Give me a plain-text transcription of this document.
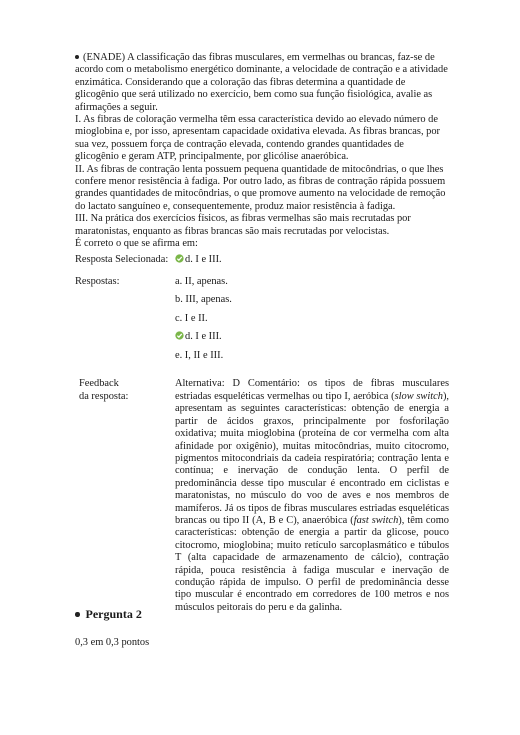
(ENADE) A classificação das fibras musculares, em vermelhas ou brancas, faz-se de acordo com o metabolismo energético dominante, a velocidade de contração e a atividade enzimática. Considerando que a coloração das fibras determina a quantidade de glicogênio que será utilizado no exercício, bem como sua função fisiológica, avalie as afirmações a seguir.

I. As fibras de coloração vermelha têm essa característica devido ao elevado número de mioglobina e, por isso, apresentam capacidade oxidativa elevada. As fibras brancas, por sua vez, possuem força de contração elevada, contendo grandes quantidades de glicogênio e geram ATP, principalmente, por glicólise anaeróbica.

II. As fibras de contração lenta possuem pequena quantidade de mitocôndrias, o que lhes confere menor resistência à fadiga. Por outro lado, as fibras de contração rápida possuem grandes quantidades de mitocôndrias, o que promove aumento na velocidade de remoção do lactato sanguíneo e, consequentemente, produz maior resistência à fadiga.

III. Na prática dos exercícios físicos, as fibras vermelhas são mais recrutadas por maratonistas, enquanto as fibras brancas são mais recrutadas por velocistas.

É correto o que se afirma em:

Resposta Selecionada:	d. I e III.
Respostas:	a. II, apenas.
b. III, apenas.
c. I e II.
d. I e III.
e. I, II e III.
Feedback
da resposta:
Alternativa: D Comentário: os tipos de fibras musculares estriadas esqueléticas vermelhas ou tipo I, aeróbica (slow switch), apresentam as seguintes características: obtenção de energia a partir de ácidos graxos, principalmente por fosforilação oxidativa; muita mioglobina (proteína de cor vermelha com alta afinidade por oxigênio), muitas mitocôndrias, muito citocromo, pigmentos mitocondriais da cadeia respiratória; contração lenta e contínua; e inervação de condução lenta. O perfil de predominância desse tipo muscular é encontrado em ciclistas e maratonistas, no músculo do voo de aves e nos membros de mamíferos. Já os tipos de fibras musculares estriadas esqueléticas brancas ou tipo II (A, B e C), anaeróbica (fast switch), têm como características: obtenção de energia a partir da glicose, pouco citocromo, mioglobina; muito retículo sarcoplasmático e túbulos T (alta capacidade de armazenamento de cálcio), contração rápida, pouca resistência à fadiga muscular e inervação de condução rápida de impulso. O perfil de predominância desse tipo muscular é encontrado em corredores de 100 metros e nos músculos peitorais do peru e da galinha.
Pergunta 2
0,3 em 0,3 pontos
